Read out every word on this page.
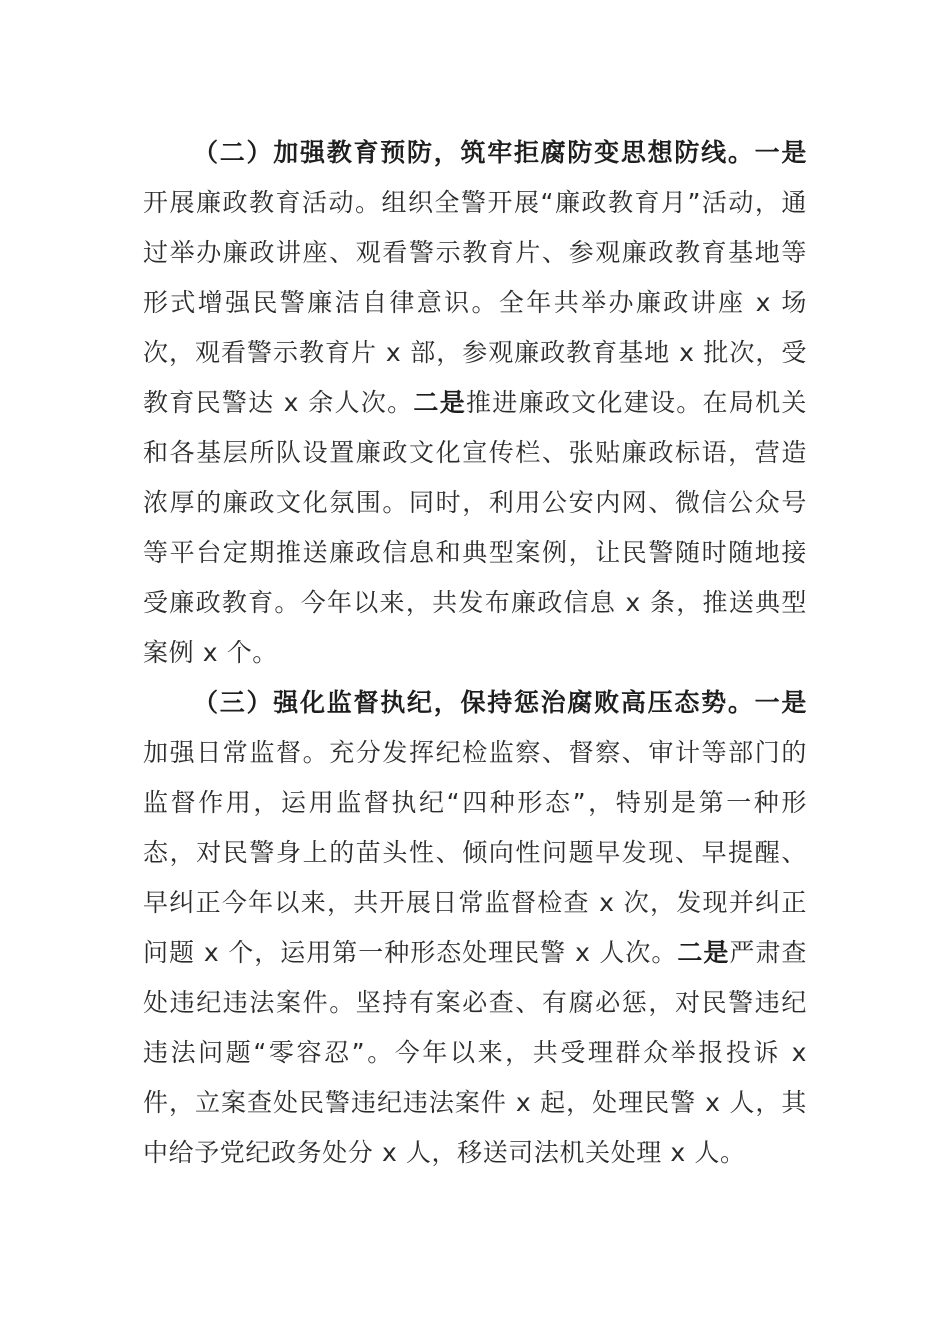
（二）加强教育预防，筑牢拒腐防变思想防线。一是开展廉政教育活动。组织全警开展“廉政教育月”活动，通过举办廉政讲座、观看警示教育片、参观廉政教育基地等形式增强民警廉洁自律意识。全年共举办廉政讲座 x 场次，观看警示教育片 x 部，参观廉政教育基地 x 批次，受教育民警达 x 余人次。二是推进廉政文化建设。在局机关和各基层所队设置廉政文化宣传栏、张贴廉政标语，营造浓厚的廉政文化氛围。同时，利用公安内网、微信公众号等平台定期推送廉政信息和典型案例，让民警随时随地接受廉政教育。今年以来，共发布廉政信息 x 条，推送典型案例 x 个。

（三）强化监督执纪，保持惩治腐败高压态势。一是加强日常监督。充分发挥纪检监察、督察、审计等部门的监督作用，运用监督执纪“四种形态”，特别是第一种形态，对民警身上的苗头性、倾向性问题早发现、早提醒、早纠正今年以来，共开展日常监督检查 x 次，发现并纠正问题 x 个，运用第一种形态处理民警 x 人次。二是严肃查处违纪违法案件。坚持有案必查、有腐必惩，对民警违纪违法问题“零容忍”。今年以来，共受理群众举报投诉 x 件，立案查处民警违纪违法案件 x 起，处理民警 x 人，其中给予党纪政务处分 x 人，移送司法机关处理 x 人。
